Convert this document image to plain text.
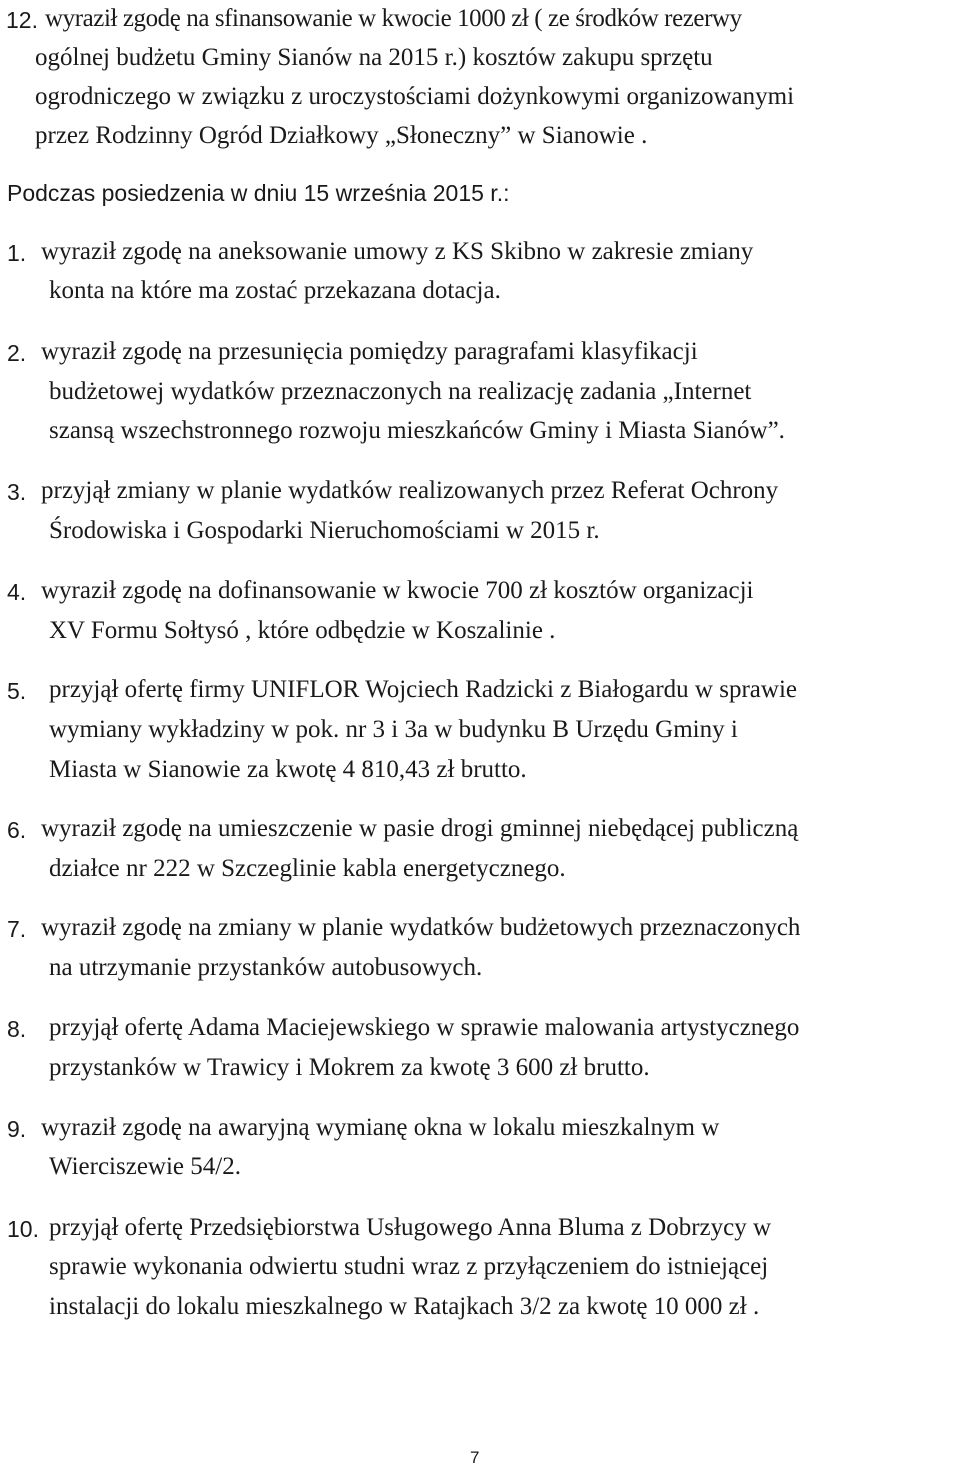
12. wyraził zgodę na sfinansowanie w kwocie 1000 zł ( ze środków rezerwy
ogólnej budżetu Gminy Sianów na 2015 r.) kosztów zakupu sprzętu
ogrodniczego w związku z uroczystościami dożynkowymi organizowanymi
przez Rodzinny Ogród Działkowy „Słoneczny” w Sianowie .
Podczas posiedzenia w dniu 15 września 2015 r.:
1. wyraził zgodę na aneksowanie umowy z KS Skibno w zakresie zmiany
konta na które ma zostać przekazana dotacja.
2. wyraził zgodę na przesunięcia pomiędzy paragrafami klasyfikacji
budżetowej wydatków przeznaczonych na realizację zadania „Internet
szansą wszechstronnego rozwoju mieszkańców Gminy i Miasta Sianów”.
3. przyjął zmiany w planie wydatków realizowanych przez Referat Ochrony
Środowiska i Gospodarki Nieruchomościami w 2015 r.
4. wyraził zgodę na dofinansowanie w kwocie 700 zł kosztów organizacji
XV Formu Sołtysó , które odbędzie w Koszalinie .
5. przyjął ofertę firmy UNIFLOR Wojciech Radzicki z Białogardu w sprawie
wymiany wykładziny w pok. nr 3 i 3a w budynku B Urzędu Gminy i
Miasta w Sianowie za kwotę 4 810,43 zł brutto.
6. wyraził zgodę na umieszczenie w pasie drogi gminnej niebędącej publiczną
działce nr 222 w Szczeglinie kabla energetycznego.
7. wyraził zgodę na zmiany w planie wydatków budżetowych przeznaczonych
na utrzymanie przystanków autobusowych.
8. przyjął ofertę Adama Maciejewskiego w sprawie malowania artystycznego
przystanków w Trawicy i Mokrem za kwotę 3 600 zł brutto.
9. wyraził zgodę na awaryjną wymianę okna w lokalu mieszkalnym w
Wierciszewie 54/2.
10. przyjął ofertę Przedsiębiorstwa Usługowego Anna Bluma z Dobrzycy w
sprawie wykonania odwiertu studni wraz z przyłączeniem do istniejącej
instalacji do lokalu mieszkalnego w Ratajkach 3/2 za kwotę 10 000 zł .
7
